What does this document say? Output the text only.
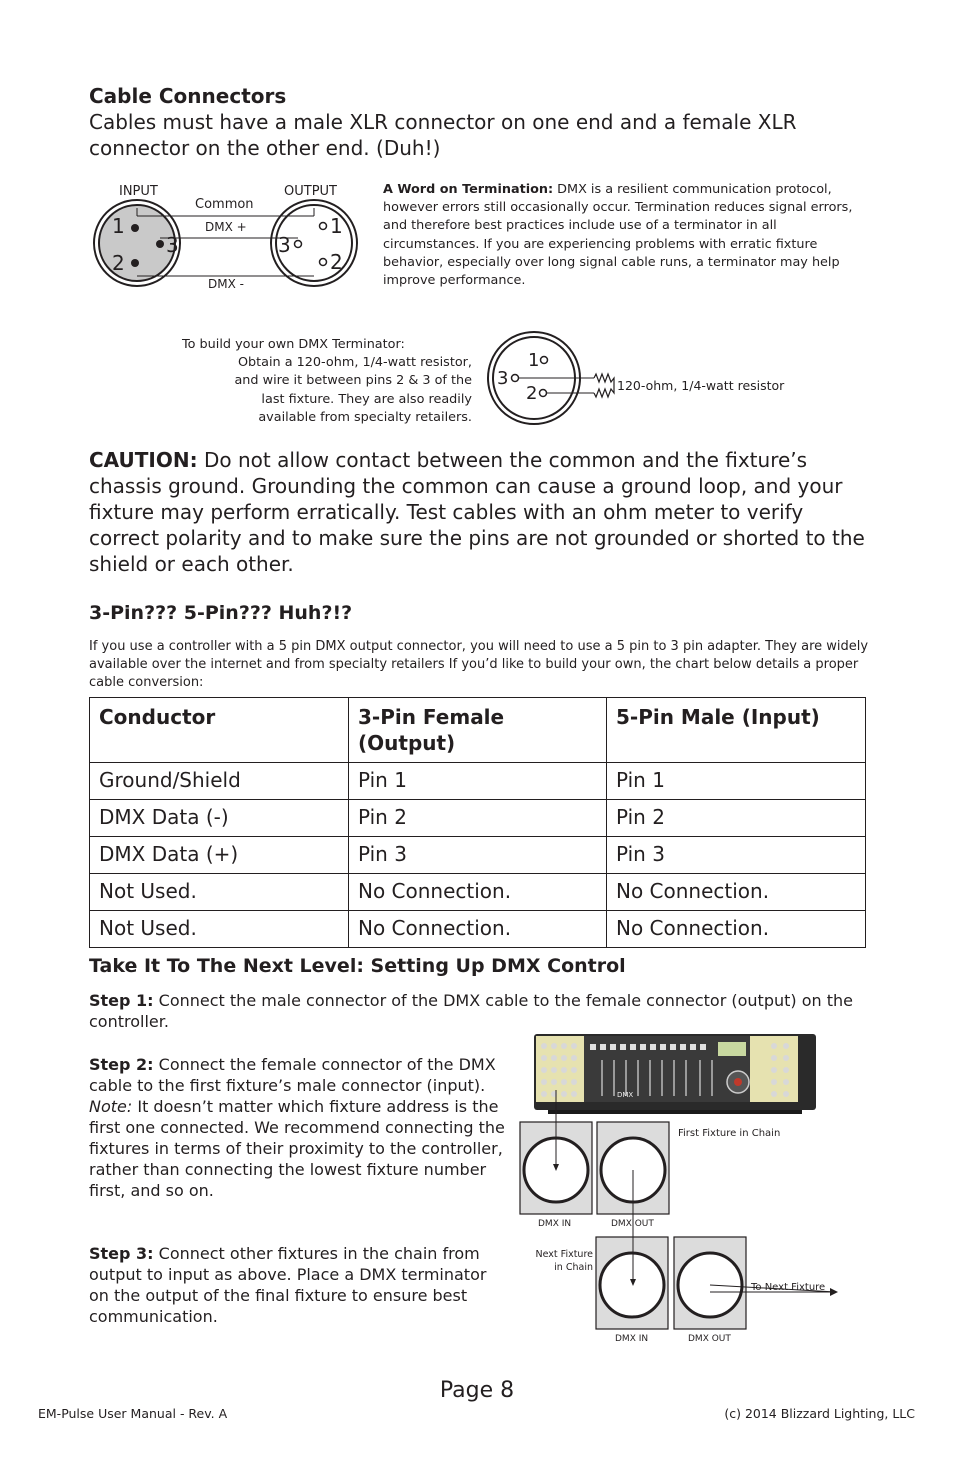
Cable Connectors
Cables must have a male XLR connector on one end and a female XLR connector on the other end. (Duh!)
INPUT	OUTPUT
1
2
3
1
2
3
Common
DMX +
DMX -
A Word on Termination: DMX is a resilient communication protocol, however errors still occasionally occur. Termination reduces signal errors, and therefore best practices include use of a terminator in all circumstances. If you are experiencing problems with erratic fixture behavior, especially over long signal cable runs, a terminator may help improve performance.
To build your own DMX Terminator:
Obtain a 120-ohm, 1/4-watt resistor,
and wire it between pins 2 & 3 of the
last fixture. They are also readily
available from specialty retailers.
1
2
3	120-ohm, 1/4-watt resistor
CAUTION: Do not allow contact between the common and the fixture’s chassis ground. Grounding the common can cause a ground loop, and your fixture may perform erratically. Test cables with an ohm meter to verify correct polarity and to make sure the pins are not grounded or shorted to the shield or each other.
3-Pin??? 5-Pin??? Huh?!?
If you use a controller with a 5 pin DMX output connector, you will need to use a 5 pin to 3 pin adapter. They are widely available over the internet and from specialty retailers If you’d like to build your own, the chart below details a proper cable conversion:
Conductor	3-Pin Female (Output)	5-Pin Male (Input)
Ground/Shield	Pin 1	Pin 1
DMX Data (-)	Pin 2	Pin 2
DMX Data (+)	Pin 3	Pin 3
Not Used.	No Connection.	No Connection.
Not Used.	No Connection.	No Connection.
Take It To The Next Level: Setting Up DMX Control
Step 1: Connect the male connector of the DMX cable to the female connector (output) on the controller.
Step 2: Connect the female connector of the DMX cable to the first fixture’s male connector (input). Note: It doesn’t matter which fixture address is the first one connected. We recommend connecting the fixtures in terms of their proximity to the controller, rather than connecting the lowest fixture number first, and so on.
Step 3: Connect other fixtures in the chain from output to input as above. Place a DMX terminator on the output of the final fixture to ensure best communication.
DMX
First Fixture in Chain
DMX IN	DMX OUT
Next Fixture
in Chain
DMX IN	DMX OUT
To Next Fixture
Page 8
EM-Pulse User Manual - Rev. A	(c) 2014 Blizzard Lighting, LLC
